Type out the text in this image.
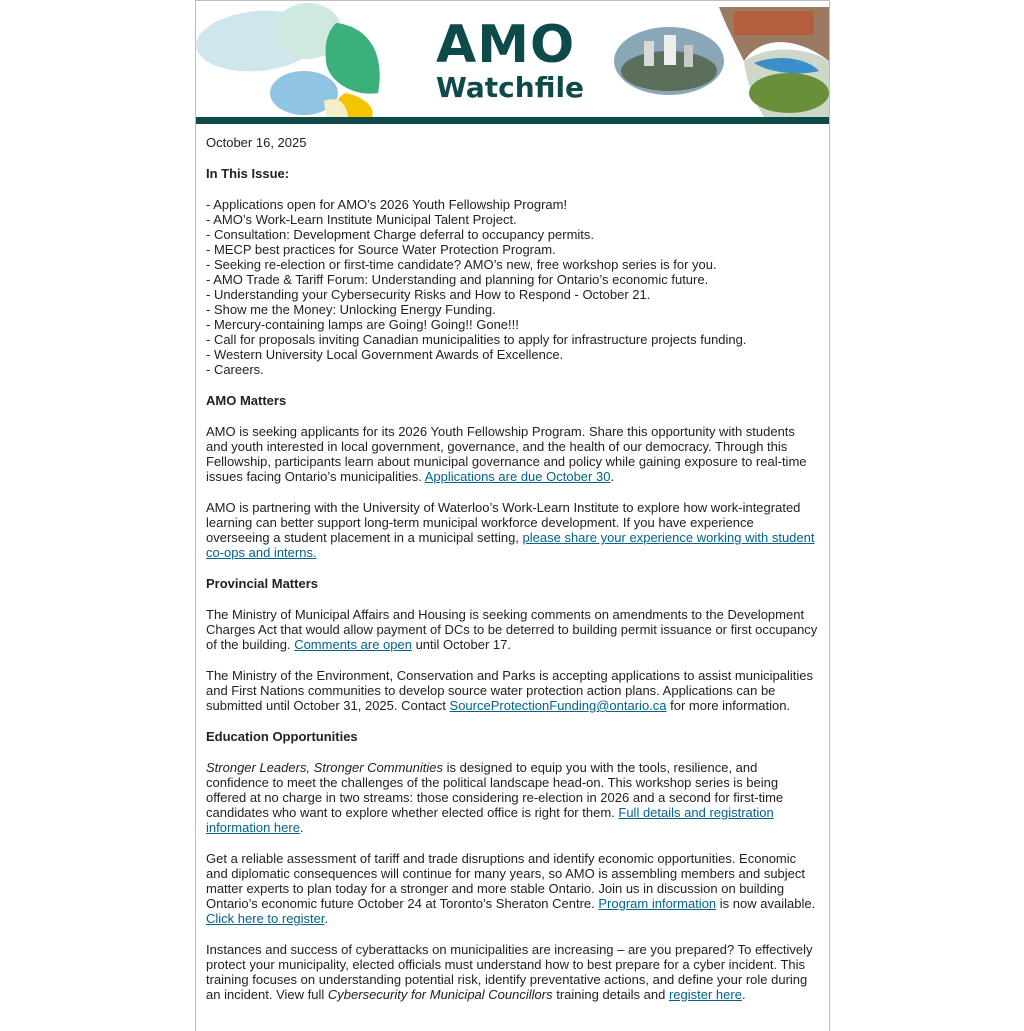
AMO
Watchfile

October 16, 2025

In This Issue:

- Applications open for AMO’s 2026 Youth Fellowship Program!
- AMO’s Work-Learn Institute Municipal Talent Project.
- Consultation: Development Charge deferral to occupancy permits.
- MECP best practices for Source Water Protection Program.
- Seeking re-election or first-time candidate? AMO’s new, free workshop series is for you.
- AMO Trade & Tariff Forum: Understanding and planning for Ontario’s economic future.
- Understanding your Cybersecurity Risks and How to Respond - October 21.
- Show me the Money: Unlocking Energy Funding.
- Mercury-containing lamps are Going! Going!! Gone!!!
- Call for proposals inviting Canadian municipalities to apply for infrastructure projects funding.
- Western University Local Government Awards of Excellence.
- Careers.

AMO Matters

AMO is seeking applicants for its 2026 Youth Fellowship Program. Share this opportunity with students and youth interested in local government, governance, and the health of our democracy. Through this Fellowship, participants learn about municipal governance and policy while gaining exposure to real-time issues facing Ontario’s municipalities. Applications are due October 30.

AMO is partnering with the University of Waterloo’s Work-Learn Institute to explore how work-integrated learning can better support long-term municipal workforce development. If you have experience overseeing a student placement in a municipal setting, please share your experience working with student co-ops and interns.

Provincial Matters

The Ministry of Municipal Affairs and Housing is seeking comments on amendments to the Development Charges Act that would allow payment of DCs to be deterred to building permit issuance or first occupancy of the building. Comments are open until October 17.

The Ministry of the Environment, Conservation and Parks is accepting applications to assist municipalities and First Nations communities to develop source water protection action plans. Applications can be submitted until October 31, 2025. Contact SourceProtectionFunding@ontario.ca for more information.

Education Opportunities

Stronger Leaders, Stronger Communities is designed to equip you with the tools, resilience, and confidence to meet the challenges of the political landscape head-on. This workshop series is being offered at no charge in two streams: those considering re-election in 2026 and a second for first-time candidates who want to explore whether elected office is right for them. Full details and registration information here.

Get a reliable assessment of tariff and trade disruptions and identify economic opportunities. Economic and diplomatic consequences will continue for many years, so AMO is assembling members and subject matter experts to plan today for a stronger and more stable Ontario. Join us in discussion on building Ontario’s economic future October 24 at Toronto’s Sheraton Centre. Program information is now available. Click here to register.

Instances and success of cyberattacks on municipalities are increasing – are you prepared? To effectively protect your municipality, elected officials must understand how to best prepare for a cyber incident. This training focuses on understanding potential risk, identify preventative actions, and define your role during an incident. View full Cybersecurity for Municipal Councillors training details and register here.
